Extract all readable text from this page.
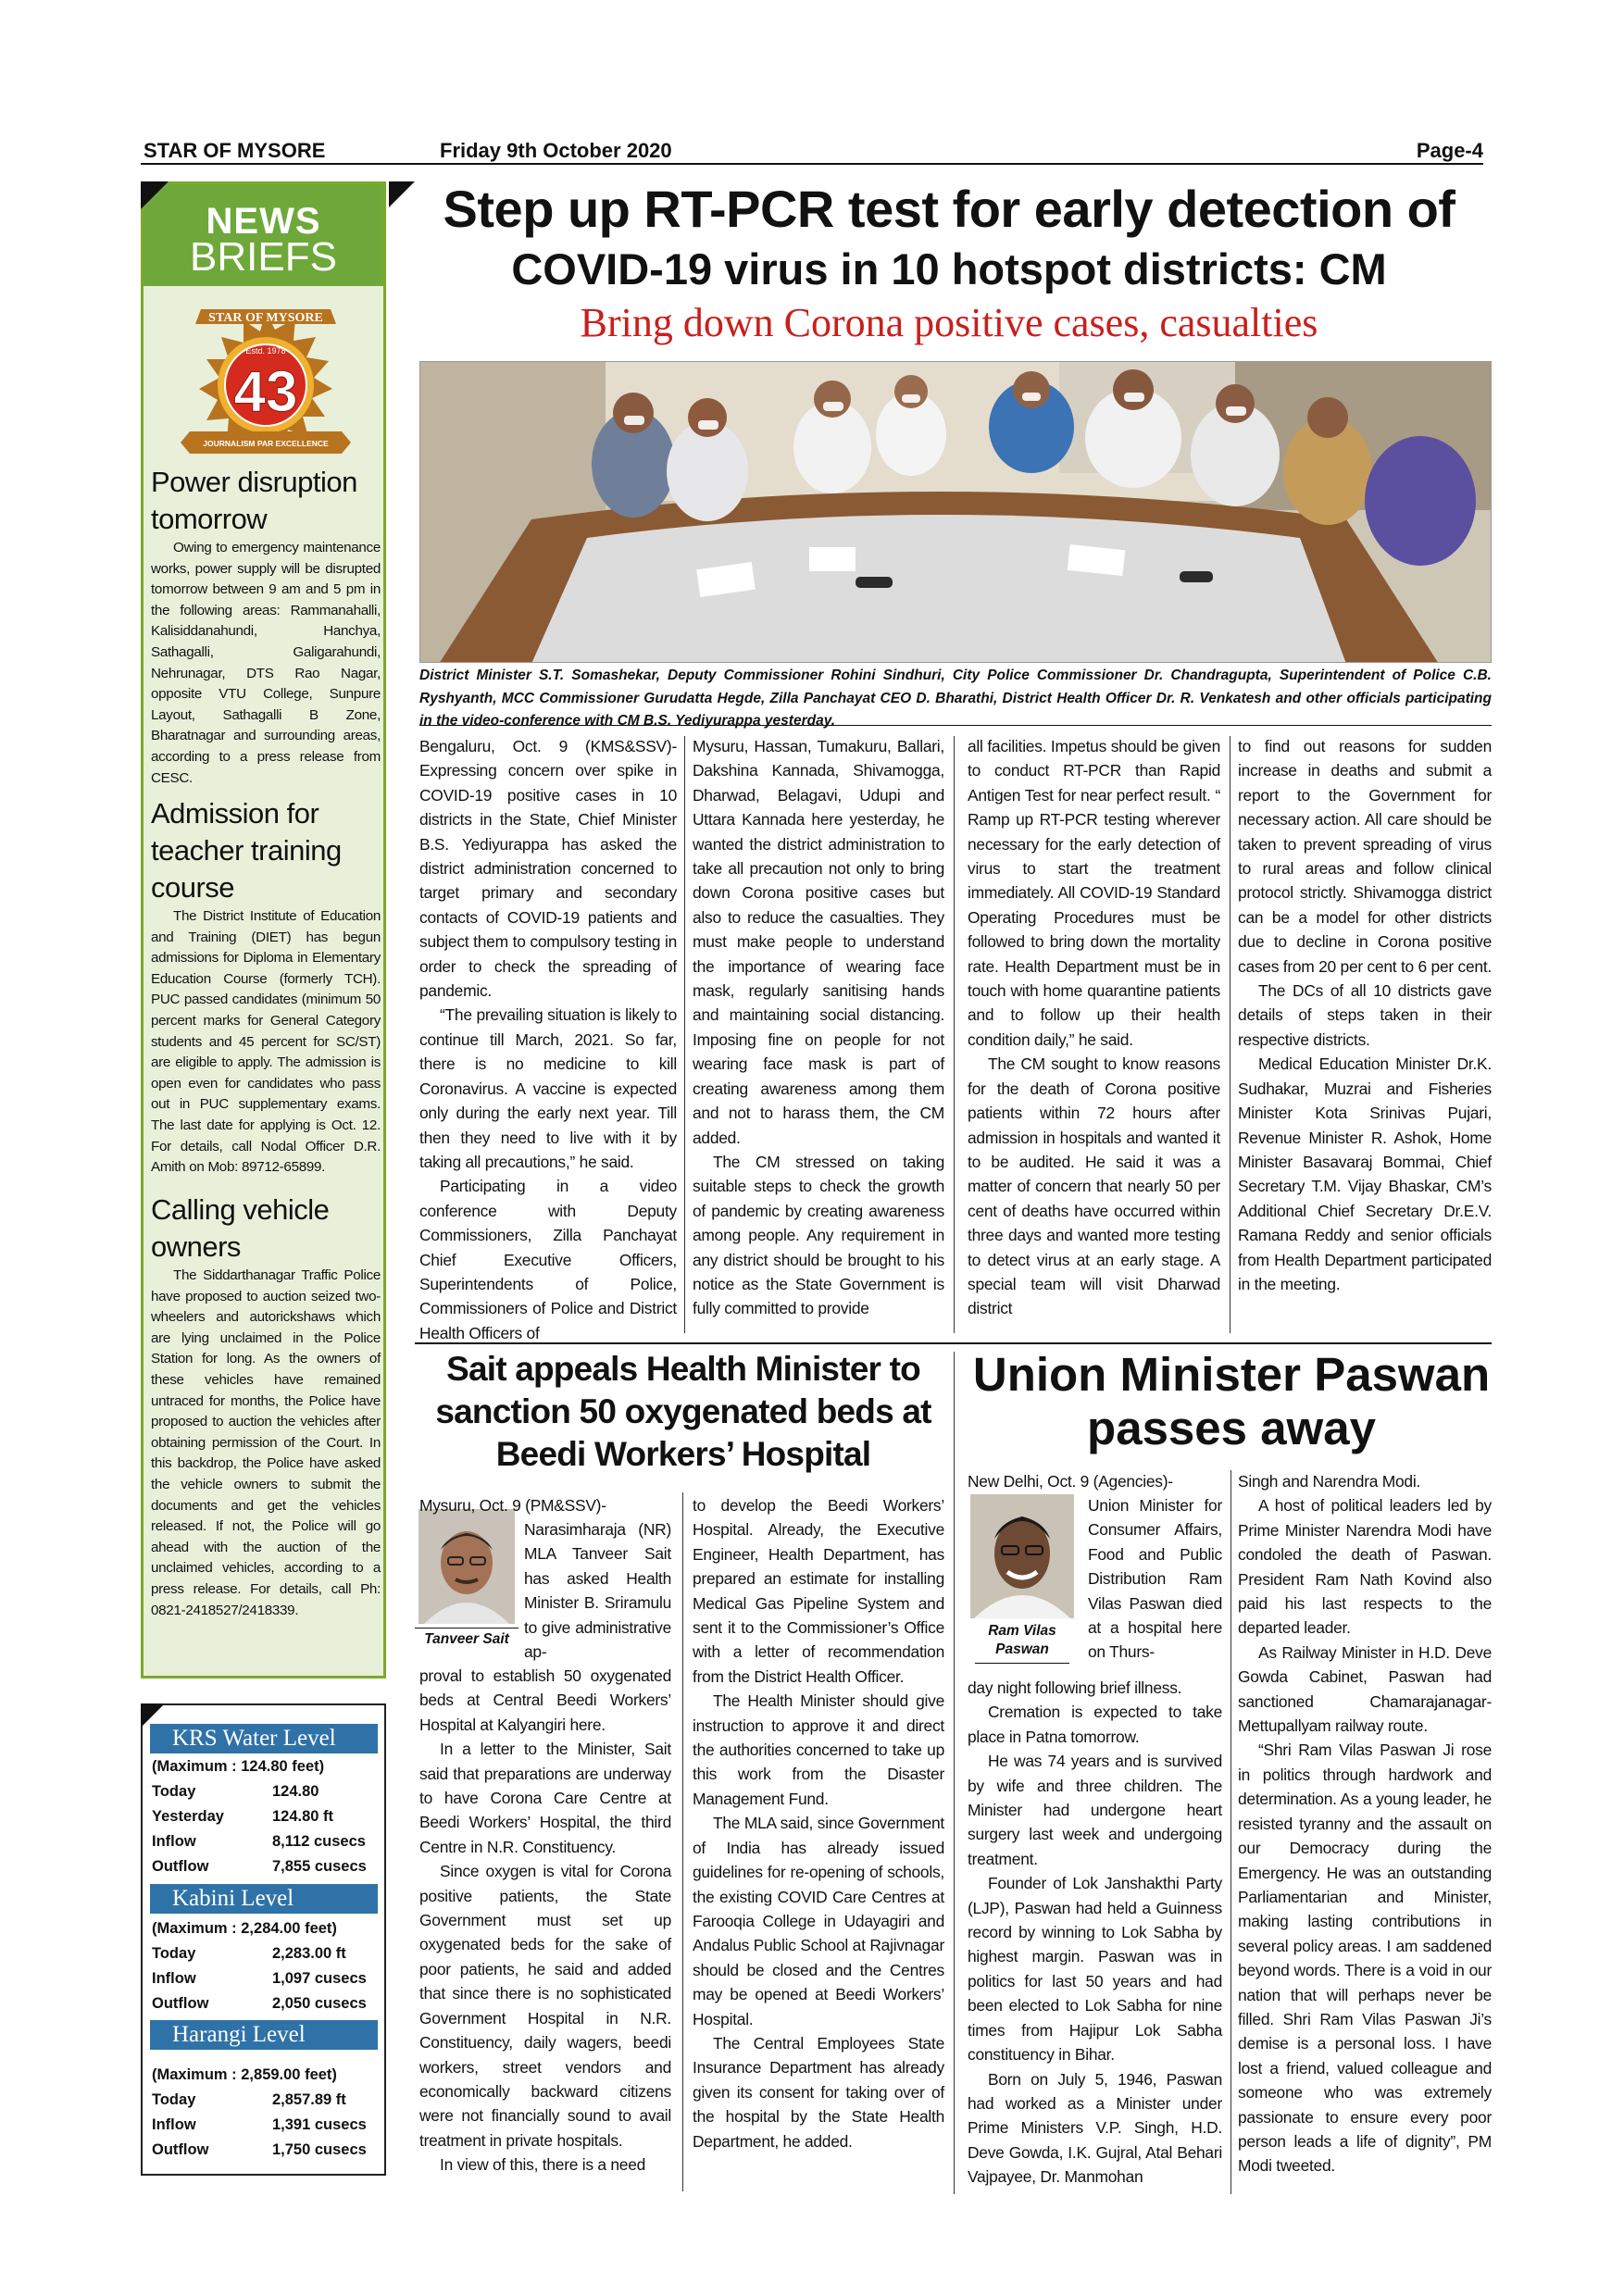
STAR OF MYSORE	Friday 9th October 2020	Page-4
NEWS
BRIEFS
STAR OF MYSORE
Estd. 1978
43
JOURNALISM PAR EXCELLENCE
Power disruption tomorrow

Owing to emergency maintenance works, power supply will be disrupted tomorrow between 9 am and 5 pm in the following areas: Rammanahalli, Kalisiddanahundi, Hanchya, Sathagalli, Galigarahundi, Nehrunagar, DTS Rao Nagar, opposite VTU College, Sunpure Layout, Sathagalli B Zone, Bharatnagar and surrounding areas, according to a press release from CESC.

Admission for teacher training course

The District Institute of Education and Training (DIET) has begun admissions for Diploma in Elementary Education Course (formerly TCH). PUC passed candidates (minimum 50 percent marks for General Category students and 45 percent for SC/ST) are eligible to apply. The admission is open even for candidates who pass out in PUC supplementary exams. The last date for applying is Oct. 12. For details, call Nodal Officer D.R. Amith on Mob: 89712-65899.

Calling vehicle owners

The Siddarthanagar Traffic Police have proposed to auction seized two-wheelers and autorickshaws which are lying unclaimed in the Police Station for long. As the owners of these vehicles have remained untraced for months, the Police have proposed to auction the vehicles after obtaining permission of the Court. In this backdrop, the Police have asked the vehicle owners to submit the documents and get the vehicles released. If not, the Police will go ahead with the auction of the unclaimed vehicles, according to a press release. For details, call Ph: 0821-2418527/2418339.

KRS Water Level
(Maximum : 124.80 feet)
Today	124.80
Yesterday	124.80 ft
Inflow	8,112 cusecs
Outflow	7,855 cusecs
Kabini Level
(Maximum : 2,284.00 feet)
Today	2,283.00 ft
Inflow	1,097 cusecs
Outflow	2,050 cusecs
Harangi Level
(Maximum : 2,859.00 feet)
Today	2,857.89 ft
Inflow	1,391 cusecs
Outflow	1,750 cusecs
Step up RT-PCR test for early detection of
COVID-19 virus in 10 hotspot districts: CM
Bring down Corona positive cases, casualties
District Minister S.T. Somashekar, Deputy Commissioner Rohini Sindhuri, City Police Commissioner Dr. Chandragupta, Superintendent of Police C.B. Ryshyanth, MCC Commissioner Gurudatta Hegde, Zilla Panchayat CEO D. Bharathi, District Health Officer Dr. R. Venkatesh and other officials participating in the video-conference with CM B.S. Yediyurappa yesterday.

Bengaluru, Oct. 9 (KMS&SSV)- Expressing concern over spike in COVID-19 positive cases in 10 districts in the State, Chief Minister B.S. Yediyurappa has asked the district administration concerned to target primary and secondary contacts of COVID-19 patients and subject them to compulsory testing in order to check the spreading of pandemic.

“The prevailing situation is likely to continue till March, 2021. So far, there is no medicine to kill Coronavirus. A vaccine is expected only during the early next year. Till then they need to live with it by taking all precautions,” he said.

Participating in a video conference with Deputy Commissioners, Zilla Panchayat Chief Executive Officers, Superintendents of Police, Commissioners of Police and District Health Officers of

Mysuru, Hassan, Tumakuru, Ballari, Dakshina Kannada, Shivamogga, Dharwad, Belagavi, Udupi and Uttara Kannada here yesterday, he wanted the district administration to take all precaution not only to bring down Corona positive cases but also to reduce the casualties. They must make people to understand the importance of wearing face mask, regularly sanitising hands and maintaining social distancing. Imposing fine on people for not wearing face mask is part of creating awareness among them and not to harass them, the CM added.

The CM stressed on taking suitable steps to check the growth of pandemic by creating awareness among people. Any requirement in any district should be brought to his notice as the State Government is fully committed to provide

all facilities. Impetus should be given to conduct RT-PCR than Rapid Antigen Test for near perfect result. “ Ramp up RT-PCR testing wherever necessary for the early detection of virus to start the treatment immediately. All COVID-19 Standard Operating Procedures must be followed to bring down the mortality rate. Health Department must be in touch with home quarantine patients and to follow up their health condition daily,” he said.

The CM sought to know reasons for the death of Corona positive patients within 72 hours after admission in hospitals and wanted it to be audited. He said it was a matter of concern that nearly 50 per cent of deaths have occurred within three days and wanted more testing to detect virus at an early stage. A special team will visit Dharwad district

to find out reasons for sudden increase in deaths and submit a report to the Government for necessary action. All care should be taken to prevent spreading of virus to rural areas and follow clinical protocol strictly. Shivamogga district can be a model for other districts due to decline in Corona positive cases from 20 per cent to 6 per cent.

The DCs of all 10 districts gave details of steps taken in their respective districts.

Medical Education Minister Dr.K. Sudhakar, Muzrai and Fisheries Minister Kota Srinivas Pujari, Revenue Minister R. Ashok, Home Minister Basavaraj Bommai, Chief Secretary T.M. Vijay Bhaskar, CM’s Additional Chief Secretary Dr.E.V. Ramana Reddy and senior officials from Health Department participated in the meeting.

Sait appeals Health Minister to sanction 50 oxygenated beds at Beedi Workers’ Hospital
Tanveer Sait

Mysuru, Oct. 9 (PM&SSV)-

Narasimharaja (NR) MLA Tanveer Sait has asked Health Minister B. Sriramulu to give administrative ap-

proval to establish 50 oxygenated beds at Central Beedi Workers’ Hospital at Kalyangiri here.

In a letter to the Minister, Sait said that preparations are underway to have Corona Care Centre at Beedi Workers’ Hospital, the third Centre in N.R. Constituency.

Since oxygen is vital for Corona positive patients, the State Government must set up oxygenated beds for the sake of poor patients, he said and added that since there is no sophisticated Government Hospital in N.R. Constituency, daily wagers, beedi workers, street vendors and economically backward citizens were not financially sound to avail treatment in private hospitals.

In view of this, there is a need

to develop the Beedi Workers’ Hospital. Already, the Executive Engineer, Health Department, has prepared an estimate for installing Medical Gas Pipeline System and sent it to the Commissioner’s Office with a letter of recommendation from the District Health Officer.

The Health Minister should give instruction to approve it and direct the authorities concerned to take up this work from the Disaster Management Fund.

The MLA said, since Government of India has already issued guidelines for re-opening of schools, the existing COVID Care Centres at Farooqia College in Udayagiri and Andalus Public School at Rajivnagar should be closed and the Centres may be opened at Beedi Workers’ Hospital.

The Central Employees State Insurance Department has already given its consent for taking over of the hospital by the State Health Department, he added.

Union Minister Paswan passes away

New Delhi, Oct. 9 (Agencies)-

Ram Vilas Paswan

Union Minister for Consumer Affairs, Food and Public Distribution Ram Vilas Paswan died at a hospital here on Thurs-

day night following brief illness.

Cremation is expected to take place in Patna tomorrow.

He was 74 years and is survived by wife and three children. The Minister had undergone heart surgery last week and undergoing treatment.

Founder of Lok Janshakthi Party (LJP), Paswan had held a Guinness record by winning to Lok Sabha by highest margin. Paswan was in politics for last 50 years and had been elected to Lok Sabha for nine times from Hajipur Lok Sabha constituency in Bihar.

Born on July 5, 1946, Paswan had worked as a Minister under Prime Ministers V.P. Singh, H.D. Deve Gowda, I.K. Gujral, Atal Behari Vajpayee, Dr. Manmohan

Singh and Narendra Modi.

A host of political leaders led by Prime Minister Narendra Modi have condoled the death of Paswan. President Ram Nath Kovind also paid his last respects to the departed leader.

As Railway Minister in H.D. Deve Gowda Cabinet, Paswan had sanctioned Chamarajanagar-Mettupallyam railway route.

“Shri Ram Vilas Paswan Ji rose in politics through hardwork and determination. As a young leader, he resisted tyranny and the assault on our Democracy during the Emergency. He was an outstanding Parliamentarian and Minister, making lasting contributions in several policy areas. I am saddened beyond words. There is a void in our nation that will perhaps never be filled. Shri Ram Vilas Paswan Ji’s demise is a personal loss. I have lost a friend, valued colleague and someone who was extremely passionate to ensure every poor person leads a life of dignity”, PM Modi tweeted.
